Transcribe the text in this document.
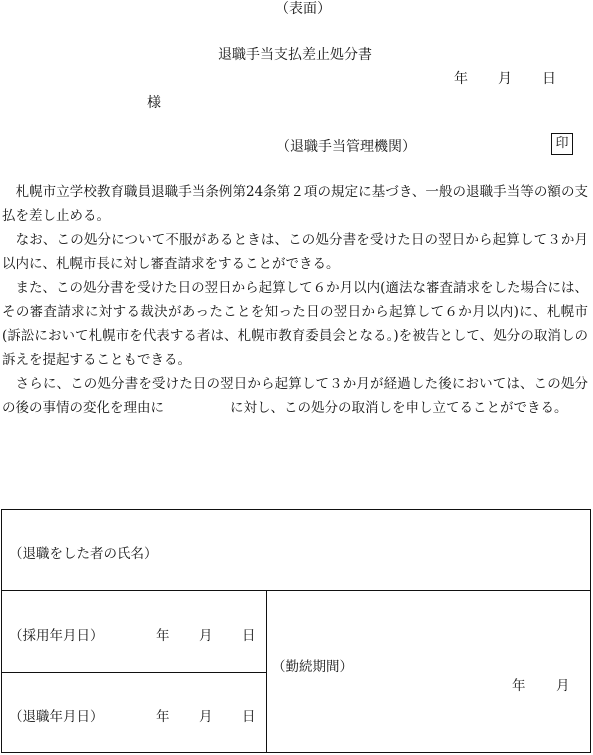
（表面）
退職手当支払差止処分書
年 月 日
様
（退職手当管理機関）	印

　札幌市立学校教育職員退職手当条例第24条第２項の規定に基づき、一般の退職手当等の額の支払を差し止める。

　なお、この処分について不服があるときは、この処分書を受けた日の翌日から起算して３か月以内に、札幌市長に対し審査請求をすることができる。

　また、この処分書を受けた日の翌日から起算して６か月以内(適法な審査請求をした場合には、その審査請求に対する裁決があったことを知った日の翌日から起算して６か月以内)に、札幌市(訴訟において札幌市を代表する者は、札幌市教育委員会となる。)を被告として、処分の取消しの訴えを提起することもできる。

　さらに、この処分書を受けた日の翌日から起算して３か月が経過した後においては、この処分の後の事情の変化を理由に	に対し、この処分の取消しを申し立てることができる。

（退職をした者の氏名）
（採用年月日）	年 月 日
（退職年月日）	年 月 日
（勤続期間）
年 月
